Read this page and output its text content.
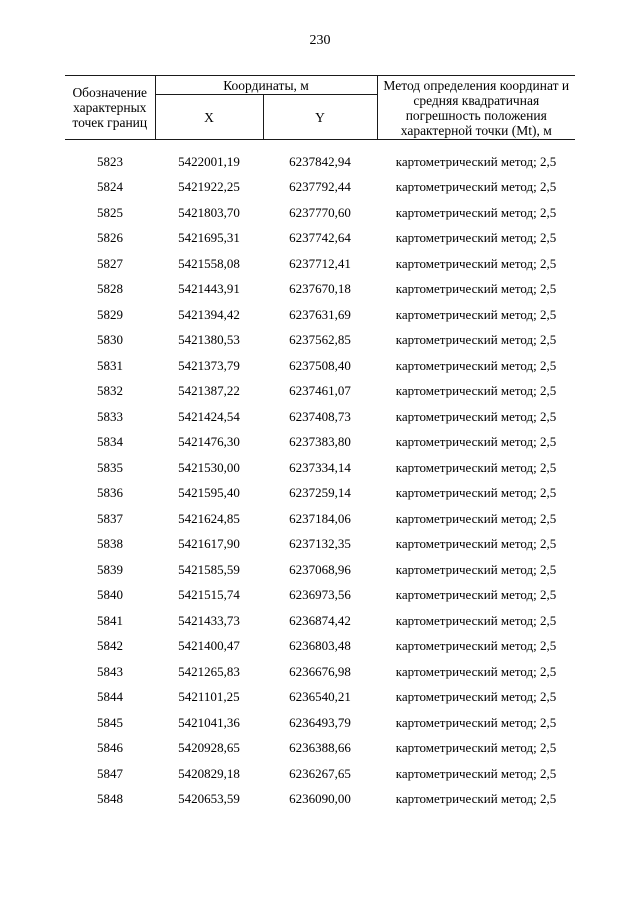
230
Обозначение характерных точек границ	Координаты, м		Метод определения координат и средняя квадратичная погрешность положения характерной точки (Mt), м
	X	Y	
5823	5422001,19	6237842,94	картометрический метод; 2,5
5824	5421922,25	6237792,44	картометрический метод; 2,5
5825	5421803,70	6237770,60	картометрический метод; 2,5
5826	5421695,31	6237742,64	картометрический метод; 2,5
5827	5421558,08	6237712,41	картометрический метод; 2,5
5828	5421443,91	6237670,18	картометрический метод; 2,5
5829	5421394,42	6237631,69	картометрический метод; 2,5
5830	5421380,53	6237562,85	картометрический метод; 2,5
5831	5421373,79	6237508,40	картометрический метод; 2,5
5832	5421387,22	6237461,07	картометрический метод; 2,5
5833	5421424,54	6237408,73	картометрический метод; 2,5
5834	5421476,30	6237383,80	картометрический метод; 2,5
5835	5421530,00	6237334,14	картометрический метод; 2,5
5836	5421595,40	6237259,14	картометрический метод; 2,5
5837	5421624,85	6237184,06	картометрический метод; 2,5
5838	5421617,90	6237132,35	картометрический метод; 2,5
5839	5421585,59	6237068,96	картометрический метод; 2,5
5840	5421515,74	6236973,56	картометрический метод; 2,5
5841	5421433,73	6236874,42	картометрический метод; 2,5
5842	5421400,47	6236803,48	картометрический метод; 2,5
5843	5421265,83	6236676,98	картометрический метод; 2,5
5844	5421101,25	6236540,21	картометрический метод; 2,5
5845	5421041,36	6236493,79	картометрический метод; 2,5
5846	5420928,65	6236388,66	картометрический метод; 2,5
5847	5420829,18	6236267,65	картометрический метод; 2,5
5848	5420653,59	6236090,00	картометрический метод; 2,5
